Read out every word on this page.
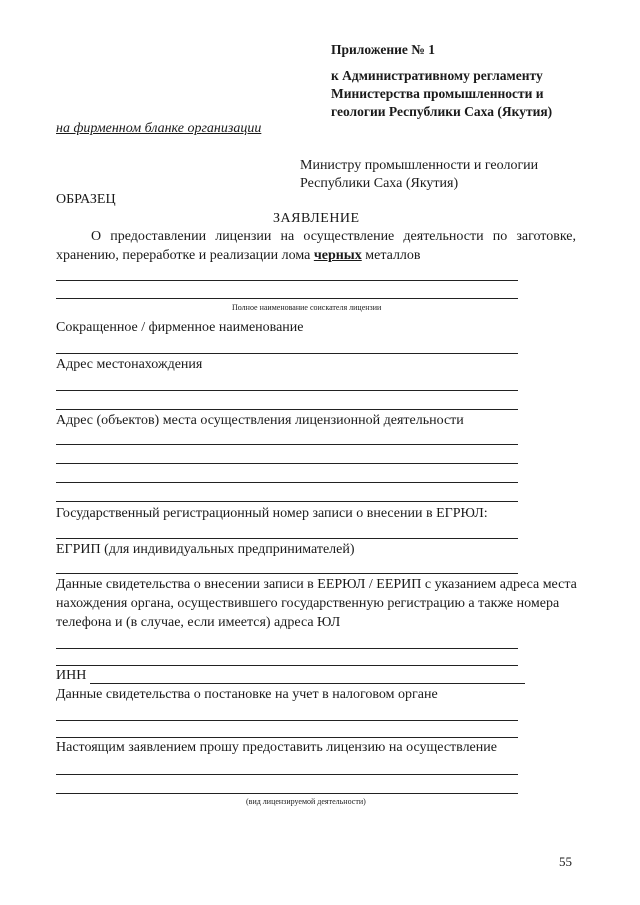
Приложение № 1
к Административному регламенту
Министерства промышленности и
геологии Республики Саха (Якутия)
на фирменном бланке организации
Министру промышленности и геологии
Республики Саха (Якутия)
ОБРАЗЕЦ
ЗАЯВЛЕНИЕ
О предоставлении лицензии на осуществление деятельности по заготовке,
хранению, переработке и реализации лома черных металлов
Полное наименование соискателя лицензии
Сокращенное / фирменное наименование
Адрес местонахождения
Адрес (объектов) места осуществления лицензионной деятельности
Государственный регистрационный номер записи о внесении в ЕГРЮЛ:
ЕГРИП (для индивидуальных предпринимателей)
Данные свидетельства о внесении записи в ЕЕРЮЛ / ЕЕРИП с указанием адреса места
нахождения органа, осуществившего государственную регистрацию а также номера
телефона и (в случае, если имеется) адреса ЮЛ
ИНН
Данные свидетельства о постановке на учет в налоговом органе
Настоящим заявлением прошу предоставить лицензию на осуществление
(вид лицензируемой деятельности)
55
